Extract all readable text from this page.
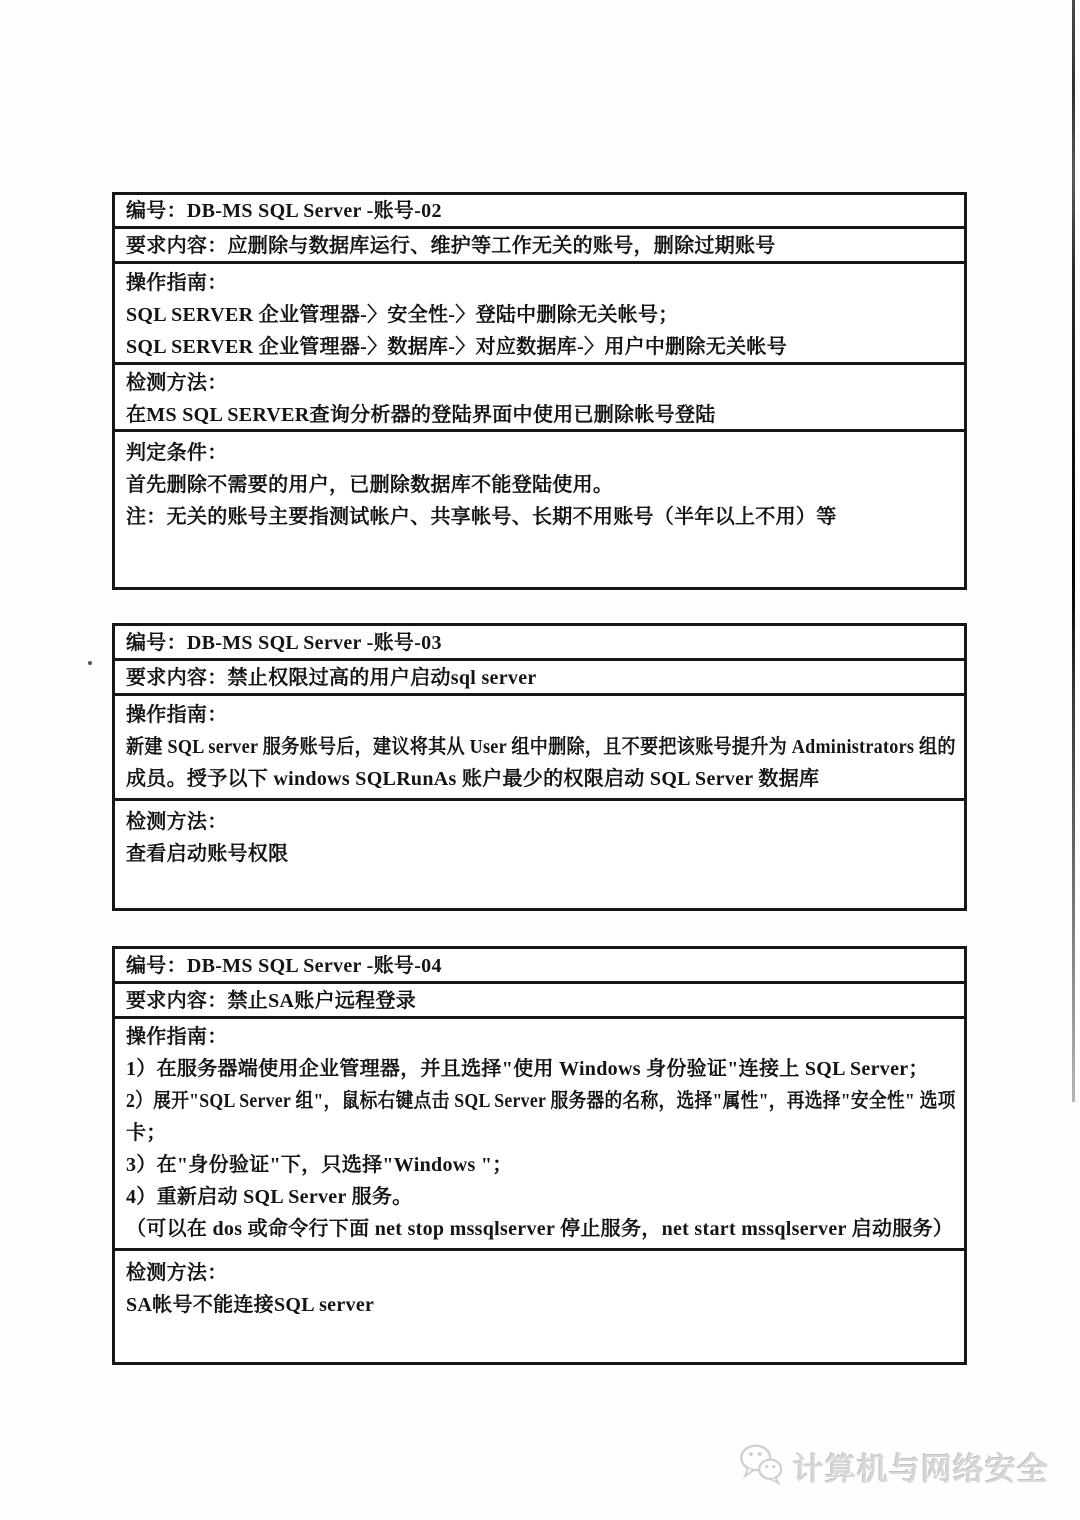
编号：DB-MS SQL Server -账号-02
要求内容：应删除与数据库运行、维护等工作无关的账号，删除过期账号
操作指南：
SQL SERVER 企业管理器-〉安全性-〉登陆中删除无关帐号；
SQL SERVER 企业管理器-〉数据库-〉对应数据库-〉用户中删除无关帐号
检测方法：
在MS SQL SERVER查询分析器的登陆界面中使用已删除帐号登陆
判定条件：
首先删除不需要的用户，已删除数据库不能登陆使用。
注：无关的账号主要指测试帐户、共享帐号、长期不用账号（半年以上不用）等
编号：DB-MS SQL Server -账号-03
要求内容：禁止权限过高的用户启动sql server
操作指南：
新建 SQL server 服务账号后，建议将其从 User 组中删除，且不要把该账号提升为 Administrators 组的
成员。授予以下 windows SQLRunAs 账户最少的权限启动 SQL Server 数据库
检测方法：
查看启动账号权限
编号：DB-MS SQL Server -账号-04
要求内容：禁止SA账户远程登录
操作指南：
1）在服务器端使用企业管理器，并且选择"使用 Windows 身份验证"连接上 SQL Server；
2）展开"SQL Server 组"，鼠标右键点击 SQL Server 服务器的名称，选择"属性"，再选择"安全性" 选项
卡；
3）在"身份验证"下，只选择"Windows "；
4）重新启动 SQL Server 服务。
（可以在 dos 或命令行下面 net stop mssqlserver 停止服务，net start mssqlserver 启动服务）
检测方法：
SA帐号不能连接SQL server
计算机与网络安全
